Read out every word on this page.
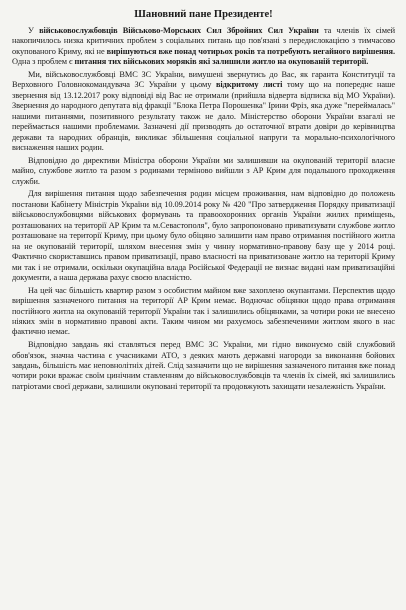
Шановний пане Президенте!

У військовослужбовців Військово-Морських Сил Збройних Сил України та членів їх сімей накопичилось низка критичних проблем з соціальних питань що пов'язані з передислокацією з тимчасово окупованого Криму, які не вирішуються вже понад чотирьох років та потребують негайного вирішення. Одна з проблем є питання тих військових моряків які залишили житло на окупованій території.

Ми, військовослужбовці ВМС ЗС України, вимушені звернутись до Вас, як гаранта Конституції та Верховного Головнокомандувача ЗС України у цьому відкритому листі тому що на попереднє наше звернення від 13.12.2017 року відповіді від Вас не отримали (прийшла відверта відписка від МО України). Звернення до народного депутата від фракції "Блока Петра Порошенка" Ірини Фріз, яка дуже "переймалась" нашими питаннями, позитивного результату також не дало. Міністерство оборони України взагалі не переймається нашими проблемами. Зазначені дії призводять до остаточної втрати довіри до керівництва держави та народних обранців, викликає збільшення соціальної напруги та морально-психологічного виснаження наших родин.

Відповідно до директиви Міністра оборони України ми залишивши на окупованій території власне майно, службове житло та разом з родинами терміново вийшли з АР Крим для подальшого проходження служби.

Для вирішення питання щодо забезпечення родин місцем проживання, нам відповідно до положень постанови Кабінету Міністрів України від 10.09.2014 року № 420 "Про затвердження Порядку приватизації військовослужбовцями військових формувань та правоохоронних органів України жилих приміщень, розташованих на території АР Крим та м.Севастополя", було запропоновано приватизувати службове житло розташоване на території Криму, при цьому було обіцяно залишити нам право отримання постійного житла на не окупованій території, шляхом внесення змін у чинну нормативно-правову базу ще у 2014 році. Фактично скориставшись правом приватизації, право власності на приватизоване житло на території Криму ми так і не отримали, оскільки окупаційна влада Російської Федерації не визнає видані нам приватизаційні документи, а наша держава рахує своєю власністю.

На цей час більшість квартир разом з особистим майном вже захоплено окупантами. Перспектив щодо вирішення зазначеного питання на території АР Крим немає. Водночас обіцянки щодо права отримання постійного житла на окупованій території України так і залишились обіцянками, за чотири роки не внесено ніяких змін в нормативно правові акти. Таким чином ми рахуємось забезпеченими житлом якого в нас фактично немає.

Відповідно завдань які ставляться перед ВМС ЗС України, ми гідно виконуємо свій службовий обов'язок, значна частина є учасниками АТО, з деяких мають державні нагороди за виконання бойових завдань, більшість має неповнолітніх дітей. Слід зазначити що не вирішення зазначеного питання вже понад чотири роки вражає своїм цинічним ставленням до військовослужбовців та членів їх сімей, які залишились патріотами своєї держави, залишили окуповані території та продовжують захищати незалежність України.
